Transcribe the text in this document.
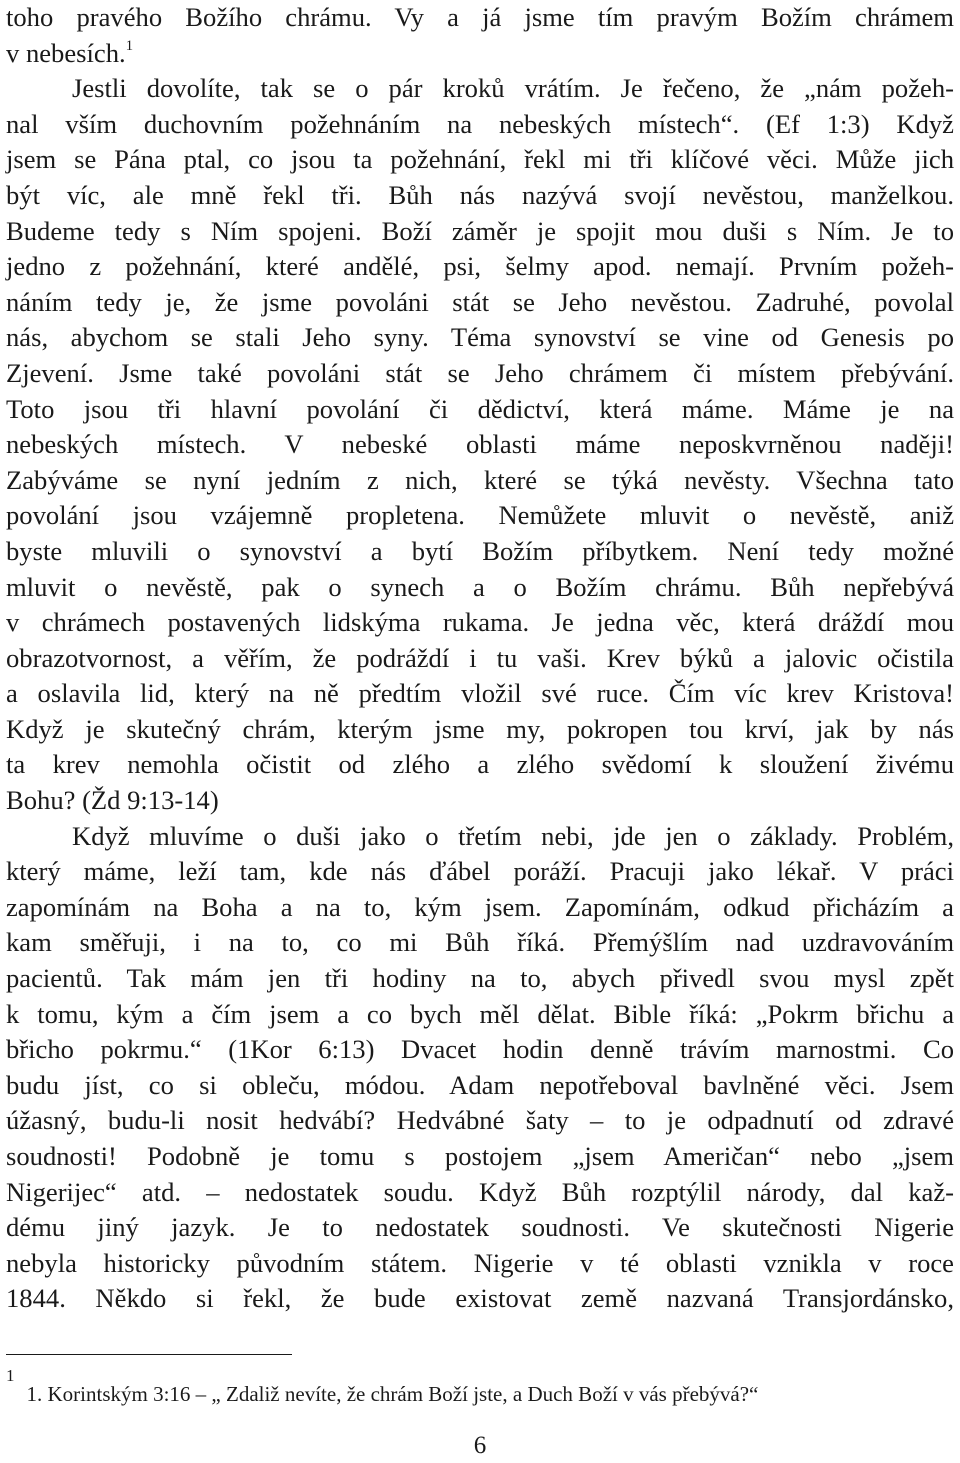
toho pravého Božího chrámu. Vy a já jsme tím pravým Božím chrámem
v nebesích.$^1$
Jestli dovolíte, tak se o pár kroků vrátím. Je řečeno, že „nám požeh-
nal vším duchovním požehnáním na nebeských místech“. (Ef 1:3) Když
jsem se Pána ptal, co jsou ta požehnání, řekl mi tři klíčové věci. Může jich
být víc, ale mně řekl tři. Bůh nás nazývá svojí nevěstou, manželkou.
Budeme tedy s Ním spojeni. Boží záměr je spojit mou duši s Ním. Je to
jedno z požehnání, které andělé, psi, šelmy apod. nemají. Prvním požeh-
náním tedy je, že jsme povoláni stát se Jeho nevěstou. Zadruhé, povolal
nás, abychom se stali Jeho syny. Téma synovství se vine od Genesis po
Zjevení. Jsme také povoláni stát se Jeho chrámem či místem přebývání.
Toto jsou tři hlavní povolání či dědictví, která máme. Máme je na
nebeských místech. V nebeské oblasti máme neposkvrněnou naději!
Zabýváme se nyní jedním z nich, které se týká nevěsty. Všechna tato
povolání jsou vzájemně propletena. Nemůžete mluvit o nevěstě, aniž
byste mluvili o synovství a bytí Božím příbytkem. Není tedy možné
mluvit o nevěstě, pak o synech a o Božím chrámu. Bůh nepřebývá
v chrámech postavených lidskýma rukama. Je jedna věc, která dráždí mou
obrazotvornost, a věřím, že podráždí i tu vaši. Krev býků a jalovic očistila
a oslavila lid, který na ně předtím vložil své ruce. Čím víc krev Kristova!
Když je skutečný chrám, kterým jsme my, pokropen tou krví, jak by nás
ta krev nemohla očistit od zlého a zlého svědomí k sloužení živému
Bohu? (Žd 9:13-14)
Když mluvíme o duši jako o třetím nebi, jde jen o základy. Problém,
který máme, leží tam, kde nás ďábel poráží. Pracuji jako lékař. V práci
zapomínám na Boha a na to, kým jsem. Zapomínám, odkud přicházím a
kam směřuji, i na to, co mi Bůh říká. Přemýšlím nad uzdravováním
pacientů. Tak mám jen tři hodiny na to, abych přivedl svou mysl zpět
k tomu, kým a čím jsem a co bych měl dělat. Bible říká: „Pokrm břichu a
břicho pokrmu.“ (1Kor 6:13) Dvacet hodin denně trávím marnostmi. Co
budu jíst, co si obleču, módou. Adam nepotřeboval bavlněné věci. Jsem
úžasný, budu-li nosit hedvábí? Hedvábné šaty – to je odpadnutí od zdravé
soudnosti! Podobně je tomu s postojem „jsem Američan“ nebo „jsem
Nigerijec“ atd. – nedostatek soudu. Když Bůh rozptýlil národy, dal kaž-
dému jiný jazyk. Je to nedostatek soudnosti. Ve skutečnosti Nigerie
nebyla historicky původním státem. Nigerie v té oblasti vznikla v roce
1844. Někdo si řekl, že bude existovat země nazvaná Transjordánsko,
$^1$1. Korintským 3:16 – „ Zdaliž nevíte, že chrám Boží jste, a Duch Boží v vás přebývá?“
6
